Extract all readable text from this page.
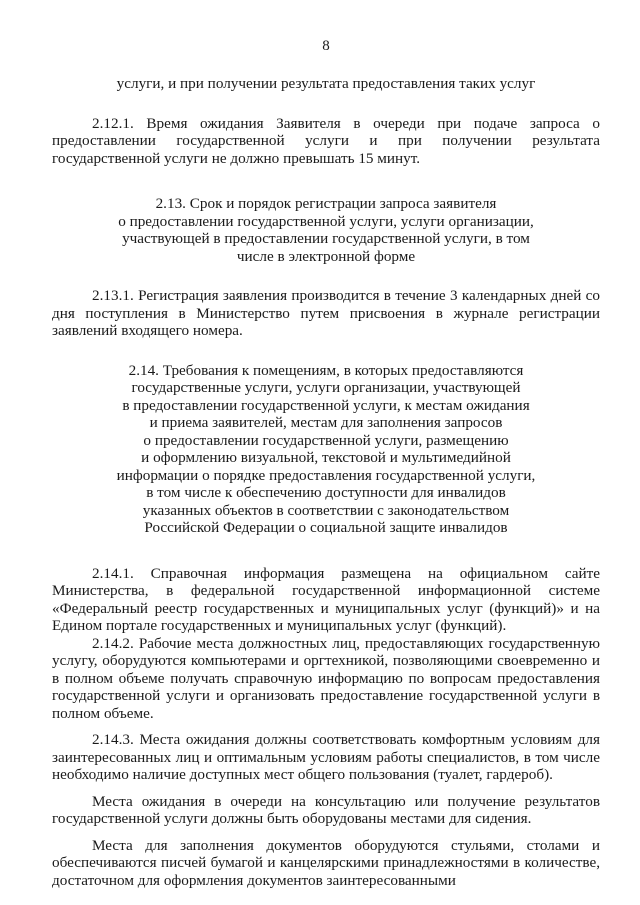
8

услуги, и при получении результата предоставления таких услуг

2.12.1. Время ожидания Заявителя в очереди при подаче запроса о предоставлении государственной услуги и при получении результата государственной услуги не должно превышать 15 минут.

2.13. Срок и порядок регистрации запроса заявителя

о предоставлении государственной услуги, услуги организации,

участвующей в предоставлении государственной услуги, в том

числе в электронной форме

2.13.1. Регистрация заявления производится в течение 3 календарных дней со дня поступления в Министерство путем присвоения в журнале регистрации заявлений входящего номера.

2.14. Требования к помещениям, в которых предоставляются

государственные услуги, услуги организации, участвующей

в предоставлении государственной услуги, к местам ожидания

и приема заявителей, местам для заполнения запросов

о предоставлении государственной услуги, размещению

и оформлению визуальной, текстовой и мультимедийной

информации о порядке предоставления государственной услуги,

в том числе к обеспечению доступности для инвалидов

указанных объектов в соответствии с законодательством

Российской Федерации о социальной защите инвалидов

2.14.1. Справочная информация размещена на официальном сайте Министерства, в федеральной государственной информационной системе «Федеральный реестр государственных и муниципальных услуг (функций)» и на Едином портале государственных и муниципальных услуг (функций).

2.14.2. Рабочие места должностных лиц, предоставляющих государственную услугу, оборудуются компьютерами и оргтехникой, позволяющими своевременно и в полном объеме получать справочную информацию по вопросам предоставления государственной услуги и организовать предоставление государственной услуги в полном объеме.

2.14.3. Места ожидания должны соответствовать комфортным условиям для заинтересованных лиц и оптимальным условиям работы специалистов, в том числе необходимо наличие доступных мест общего пользования (туалет, гардероб).

Места ожидания в очереди на консультацию или получение результатов государственной услуги должны быть оборудованы местами для сидения.

Места для заполнения документов оборудуются стульями, столами и обеспечиваются писчей бумагой и канцелярскими принадлежностями в количестве, достаточном для оформления документов заинтересованными
